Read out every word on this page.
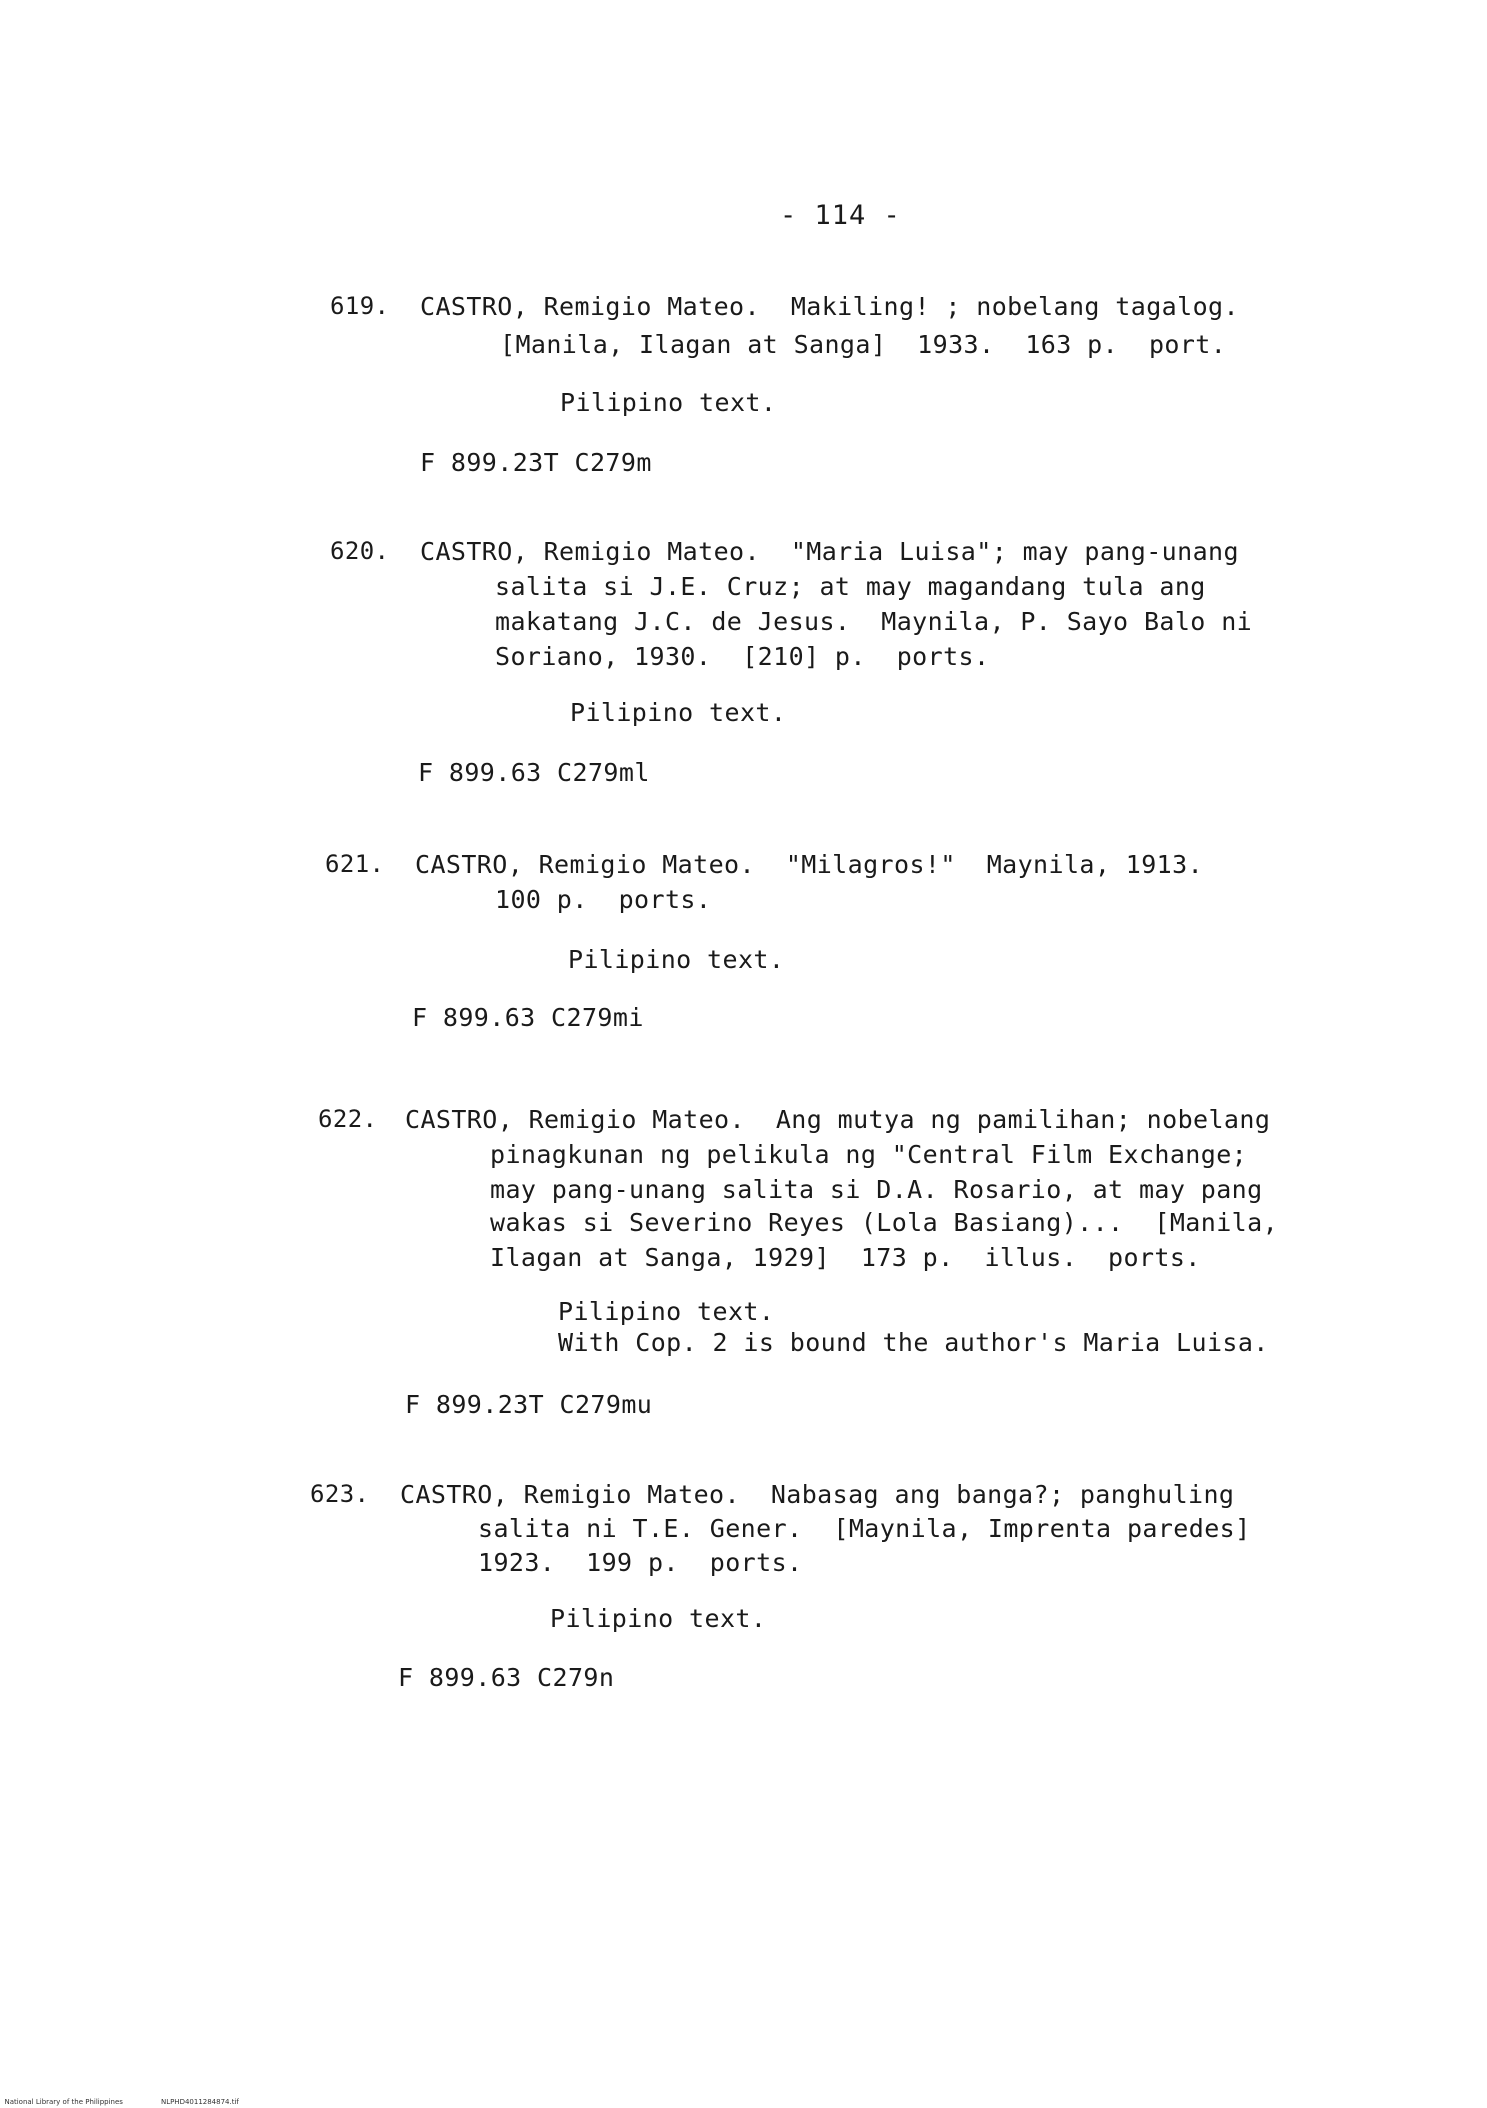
- 114 -
619. CASTRO, Remigio Mateo.  Makiling! ; nobelang tagalog.
[Manila, Ilagan at Sanga]  1933.  163 p.  port.
Pilipino text.
F 899.23T C279m
620. CASTRO, Remigio Mateo.  "Maria Luisa"; may pang-unang
salita si J.E. Cruz; at may magandang tula ang
makatang J.C. de Jesus.  Maynila, P. Sayo Balo ni
Soriano, 1930.  [210] p.  ports.
Pilipino text.
F 899.63 C279ml
621. CASTRO, Remigio Mateo.  "Milagros!"  Maynila, 1913.
100 p.  ports.
Pilipino text.
F 899.63 C279mi
622. CASTRO, Remigio Mateo.  Ang mutya ng pamilihan; nobelang
pinagkunan ng pelikula ng "Central Film Exchange;
may pang-unang salita si D.A. Rosario, at may pang
wakas si Severino Reyes (Lola Basiang)...  [Manila,
Ilagan at Sanga, 1929]  173 p.  illus.  ports.
Pilipino text.
With Cop. 2 is bound the author's Maria Luisa.
F 899.23T C279mu
623. CASTRO, Remigio Mateo.  Nabasag ang banga?; panghuling
salita ni T.E. Gener.  [Maynila, Imprenta paredes]
1923.  199 p.  ports.
Pilipino text.
F 899.63 C279n

National Library of the Philippines	NLPHD4011284874.tif
